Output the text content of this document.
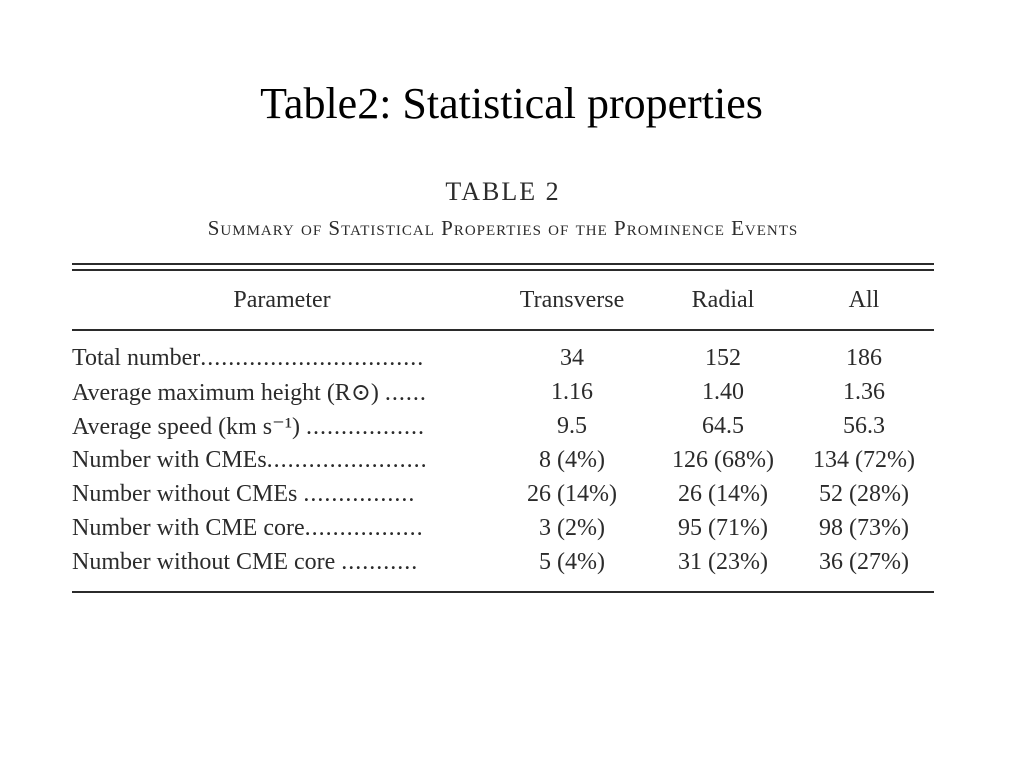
Table2: Statistical properties
TABLE 2
Summary of Statistical Properties of the Prominence Events
Parameter	Transverse	Radial	All

Total number................................	34	152	186
Average maximum height (R⊙) ......	1.16	1.40	1.36
Average speed (km s⁻¹) .................	9.5	64.5	56.3
Number with CMEs.......................	8 (4%)	126 (68%)	134 (72%)
Number without CMEs ................	26 (14%)	26 (14%)	52 (28%)
Number with CME core.................	3 (2%)	95 (71%)	98 (73%)
Number without CME core ...........	5 (4%)	31 (23%)	36 (27%)
